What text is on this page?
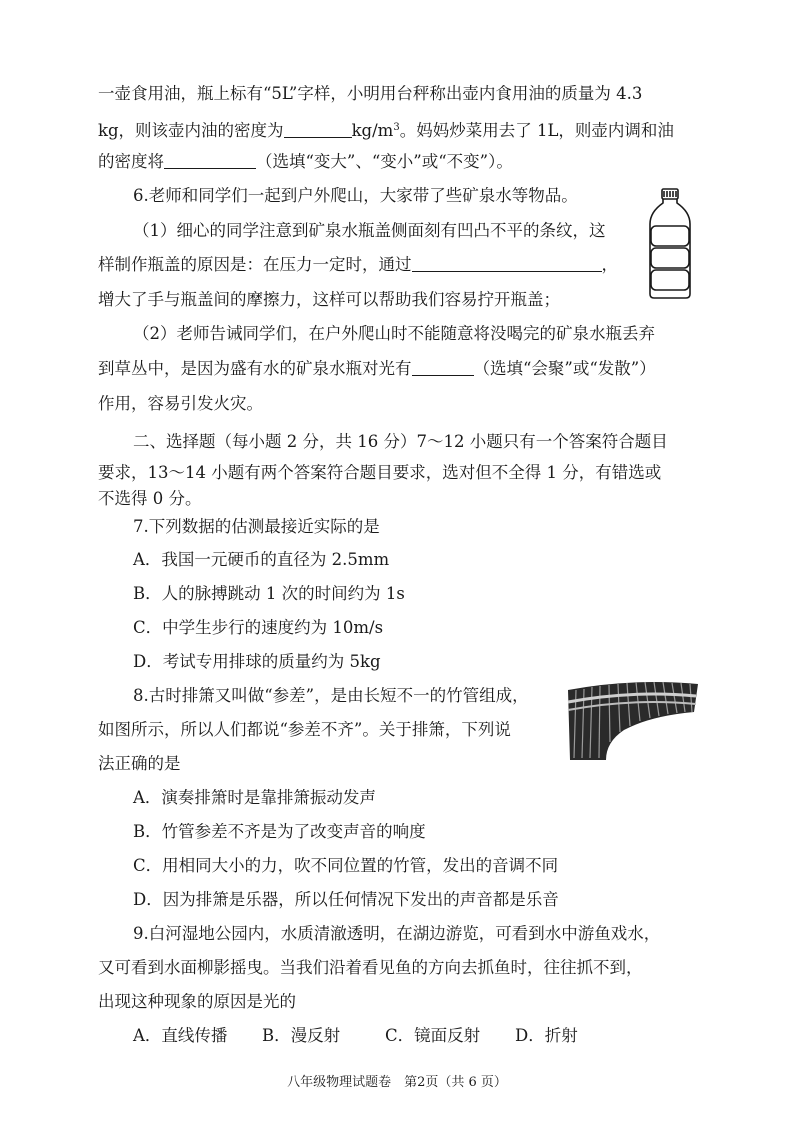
一壶食用油，瓶上标有“5L”字样，小明用台秤称出壶内食用油的质量为 4.3
kg，则该壶内油的密度为	$kg/m^3$。妈妈炒菜用去了 1L，则壶内调和油
的密度将	（选填“变大”、“变小”或“不变”）。
6.老师和同学们一起到户外爬山，大家带了些矿泉水等物品。
（1）细心的同学注意到矿泉水瓶盖侧面刻有凹凸不平的条纹，这
样制作瓶盖的原因是：在压力一定时，通过	，
增大了手与瓶盖间的摩擦力，这样可以帮助我们容易拧开瓶盖；
（2）老师告诫同学们，在户外爬山时不能随意将没喝完的矿泉水瓶丢弃
到草丛中，是因为盛有水的矿泉水瓶对光有	（选填“会聚”或“发散”）
作用，容易引发火灾。
二、选择题（每小题 2 分，共 16 分）7～12 小题只有一个答案符合题目
要求，13～14 小题有两个答案符合题目要求，选对但不全得 1 分，有错选或
不选得 0 分。
7.下列数据的估测最接近实际的是
A．我国一元硬币的直径为 2.5mm
B．人的脉搏跳动 1 次的时间约为 1s
C．中学生步行的速度约为 10m/s
D．考试专用排球的质量约为 5kg
8.古时排箫又叫做“参差”，是由长短不一的竹管组成，
如图所示，所以人们都说“参差不齐”。关于排箫，下列说
法正确的是
A．演奏排箫时是靠排箫振动发声
B．竹管参差不齐是为了改变声音的响度
C．用相同大小的力，吹不同位置的竹管，发出的音调不同
D．因为排箫是乐器，所以任何情况下发出的声音都是乐音
9.白河湿地公园内，水质清澈透明，在湖边游览，可看到水中游鱼戏水，
又可看到水面柳影摇曳。当我们沿着看见鱼的方向去抓鱼时，往往抓不到，
出现这种现象的原因是光的
A．直线传播 B．漫反射	C．镜面反射 D．折射
八年级物理试题卷　第2页（共 6 页）
